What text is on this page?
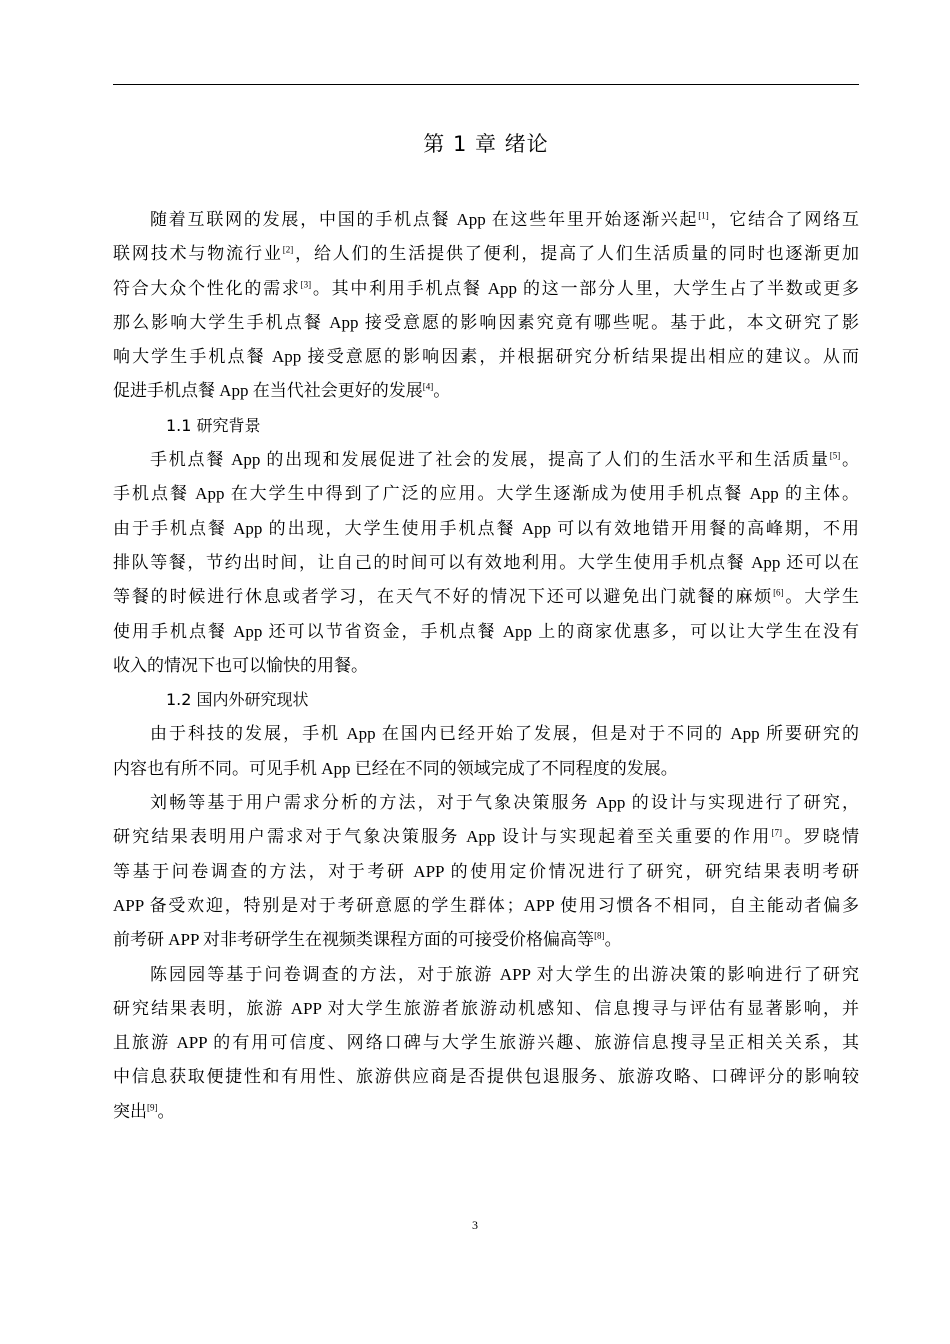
第 1 章 绪论
随着互联网的发展，中国的手机点餐 App 在这些年里开始逐渐兴起[1]，它结合了网络互
联网技术与物流行业[2]，给人们的生活提供了便利，提高了人们生活质量的同时也逐渐更加
符合大众个性化的需求[3]。其中利用手机点餐 App 的这一部分人里，大学生占了半数或更多
那么影响大学生手机点餐 App 接受意愿的影响因素究竟有哪些呢。基于此，本文研究了影
响大学生手机点餐 App 接受意愿的影响因素，并根据研究分析结果提出相应的建议。从而
促进手机点餐 App 在当代社会更好的发展[4]。
1.1 研究背景
手机点餐 App 的出现和发展促进了社会的发展，提高了人们的生活水平和生活质量[5]。
手机点餐 App 在大学生中得到了广泛的应用。大学生逐渐成为使用手机点餐 App 的主体。
由于手机点餐 App 的出现，大学生使用手机点餐 App 可以有效地错开用餐的高峰期，不用
排队等餐，节约出时间，让自己的时间可以有效地利用。大学生使用手机点餐 App 还可以在
等餐的时候进行休息或者学习，在天气不好的情况下还可以避免出门就餐的麻烦[6]。大学生
使用手机点餐 App 还可以节省资金，手机点餐 App 上的商家优惠多，可以让大学生在没有
收入的情况下也可以愉快的用餐。
1.2 国内外研究现状
由于科技的发展，手机 App 在国内已经开始了发展，但是对于不同的 App 所要研究的
内容也有所不同。可见手机 App 已经在不同的领域完成了不同程度的发展。
刘畅等基于用户需求分析的方法，对于气象决策服务 App 的设计与实现进行了研究，
研究结果表明用户需求对于气象决策服务 App 设计与实现起着至关重要的作用[7]。罗晓情
等基于问卷调查的方法，对于考研 APP 的使用定价情况进行了研究，研究结果表明考研
APP 备受欢迎，特别是对于考研意愿的学生群体；APP 使用习惯各不相同，自主能动者偏多
前考研 APP 对非考研学生在视频类课程方面的可接受价格偏高等[8]。
陈园园等基于问卷调查的方法，对于旅游 APP 对大学生的出游决策的影响进行了研究
研究结果表明，旅游 APP 对大学生旅游者旅游动机感知、信息搜寻与评估有显著影响，并
且旅游 APP 的有用可信度、网络口碑与大学生旅游兴趣、旅游信息搜寻呈正相关关系，其
中信息获取便捷性和有用性、旅游供应商是否提供包退服务、旅游攻略、口碑评分的影响较
突出[9]。
3
